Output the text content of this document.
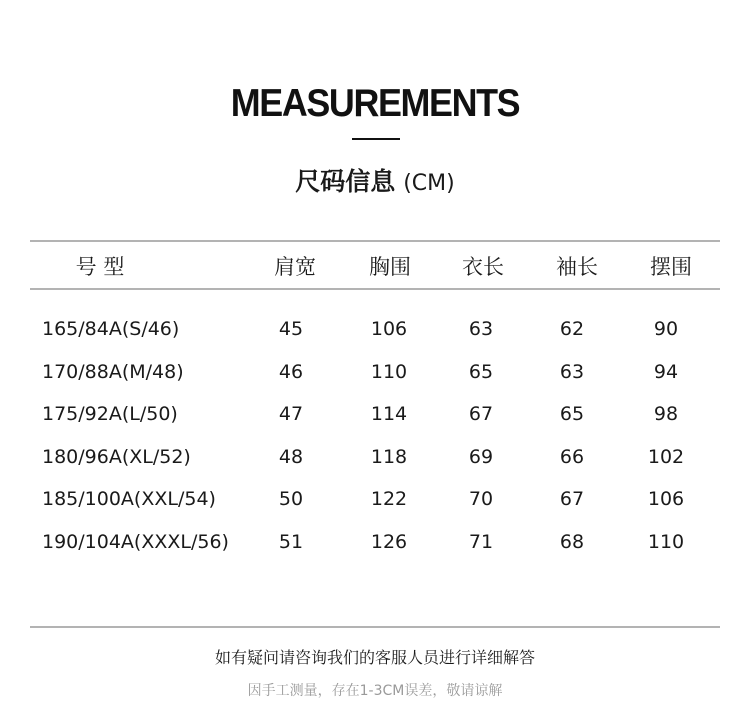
MEASUREMENTS
尺码信息 (CM)
号 型	肩宽	胸围	衣长	袖长	摆围
165/84A(S/46)	45	106	63	62	90
170/88A(M/48)	46	110	65	63	94
175/92A(L/50)	47	114	67	65	98
180/96A(XL/52)	48	118	69	66	102
185/100A(XXL/54)	50	122	70	67	106
190/104A(XXXL/56)	51	126	71	68	110
如有疑问请咨询我们的客服人员进行详细解答
因手工测量，存在1-3CM误差，敬请谅解
